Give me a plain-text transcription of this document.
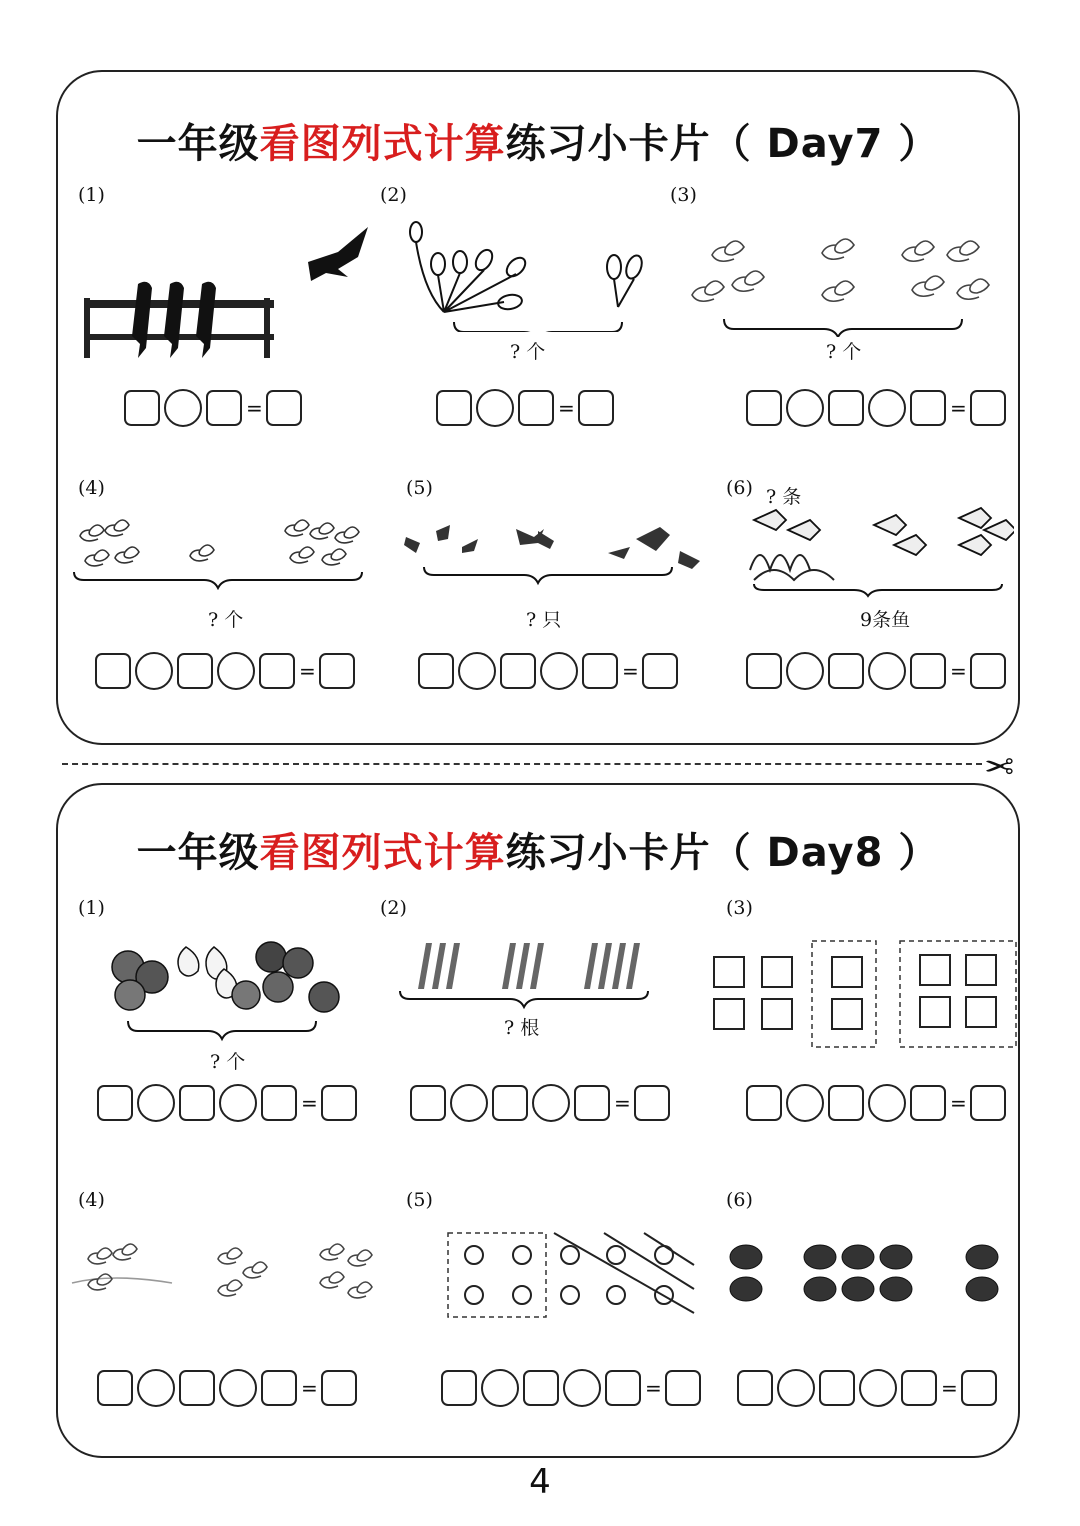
一年级看图列式计算练习小卡片（ Day7 ）
(1)	(2)	(3)
(4)	(5)	(6)
? 个	? 个
=	=	=
? 个	? 只
? 条
9条鱼
=	=	=
✂
一年级看图列式计算练习小卡片（ Day8 ）
(1)	(2)	(3)
(4)	(5)	(6)
? 个
? 根
=	=	=
=	=	=
4
